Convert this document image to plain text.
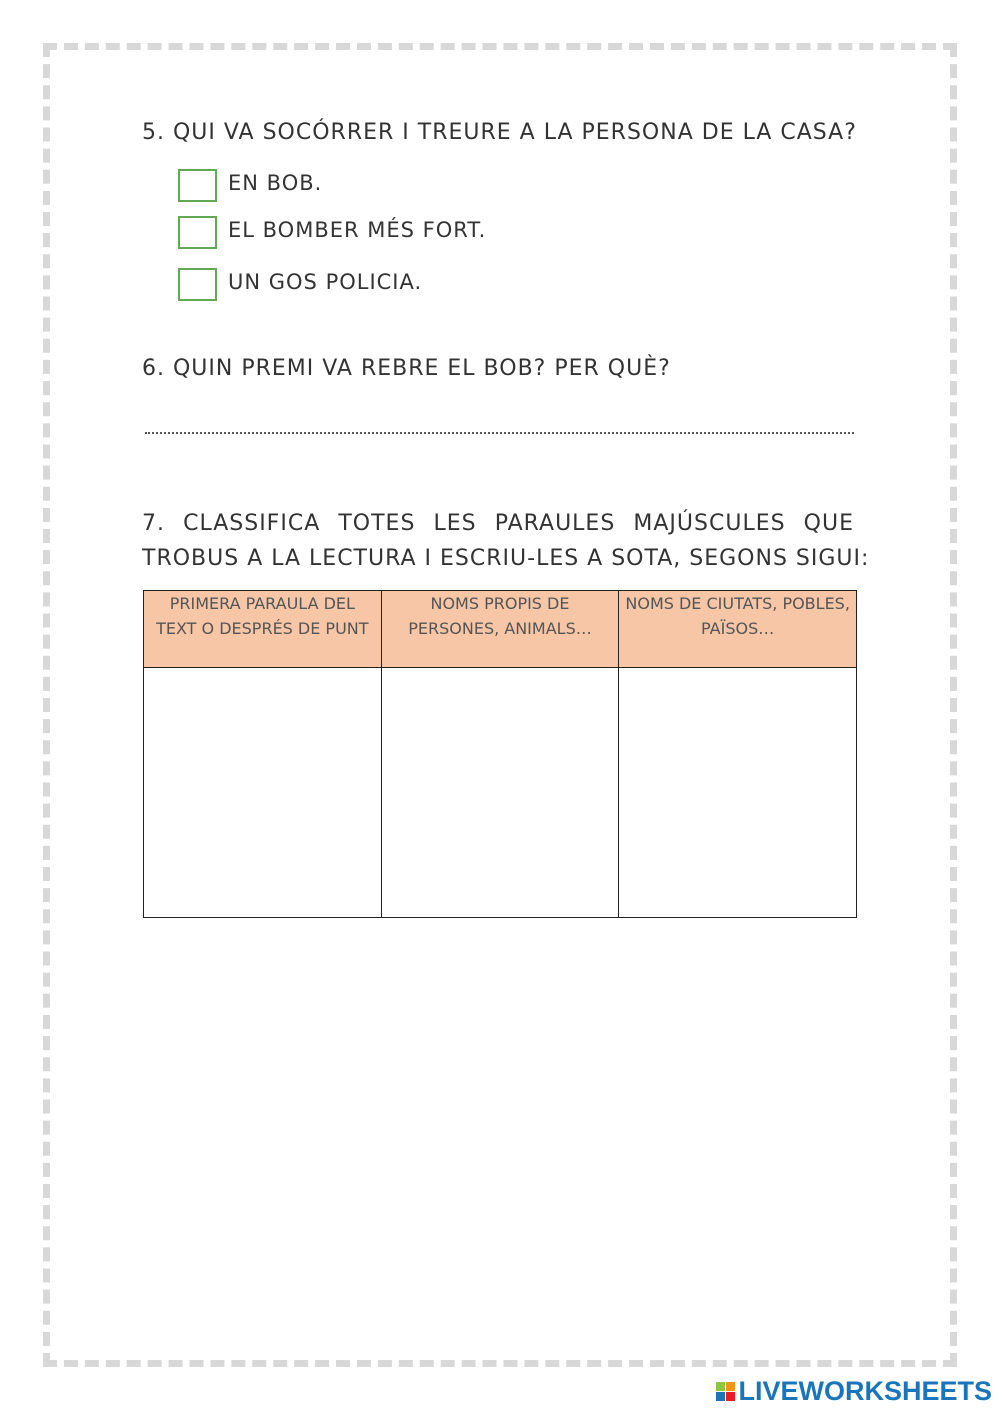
5. QUI VA SOCÓRRER I TREURE A LA PERSONA DE LA CASA?
EN BOB.
EL BOMBER MÉS FORT.
UN GOS POLICIA.
6. QUIN PREMI VA REBRE EL BOB? PER QUÈ?
7. CLASSIFICA TOTES LES PARAULES MAJÚSCULES QUE
TROBUS A LA LECTURA I ESCRIU-LES A SOTA, SEGONS SIGUI:
PRIMERA PARAULA DEL TEXT O DESPRÉS DE PUNT	NOMS PROPIS DE PERSONES, ANIMALS…	NOMS DE CIUTATS, POBLES, PAÏSOS…

LIVEWORKSHEETS
